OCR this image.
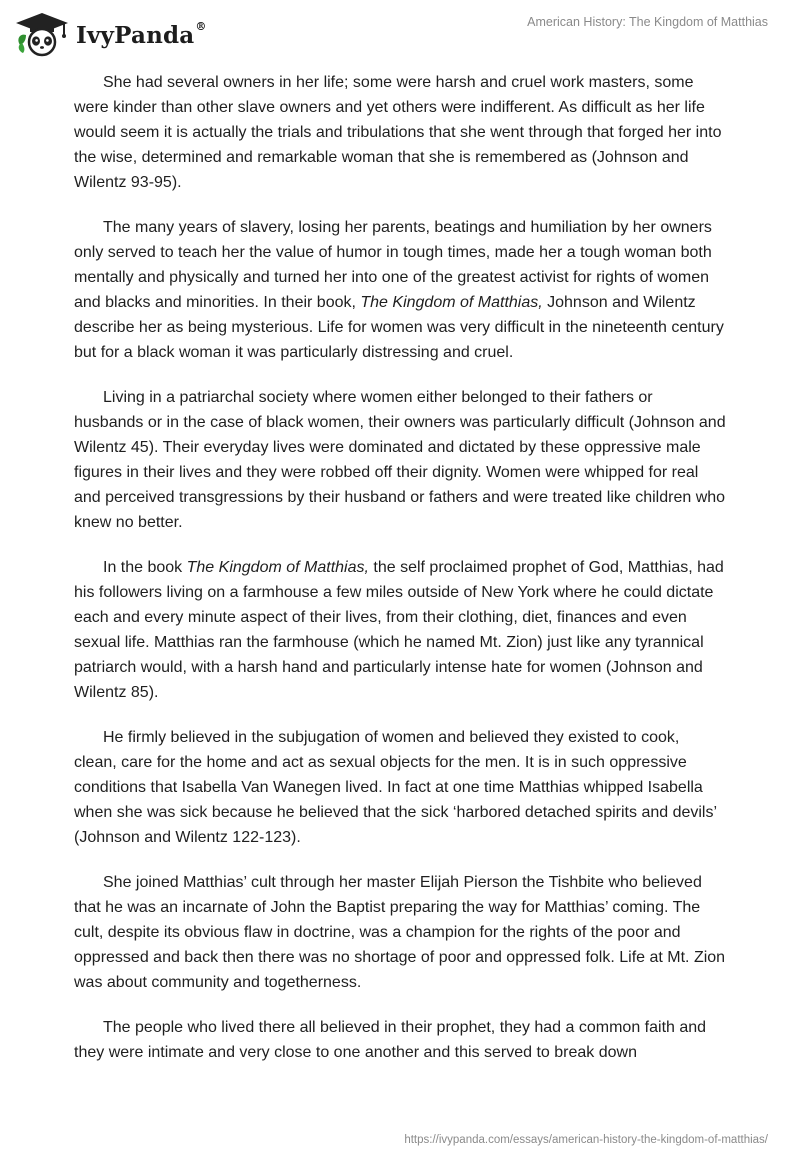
IvyPanda®	American History: The Kingdom of Matthias

She had several owners in her life; some were harsh and cruel work masters, some were kinder than other slave owners and yet others were indifferent. As difficult as her life would seem it is actually the trials and tribulations that she went through that forged her into the wise, determined and remarkable woman that she is remembered as (Johnson and Wilentz 93-95).

The many years of slavery, losing her parents, beatings and humiliation by her owners only served to teach her the value of humor in tough times, made her a tough woman both mentally and physically and turned her into one of the greatest activist for rights of women and blacks and minorities. In their book, The Kingdom of Matthias, Johnson and Wilentz describe her as being mysterious. Life for women was very difficult in the nineteenth century but for a black woman it was particularly distressing and cruel.

Living in a patriarchal society where women either belonged to their fathers or husbands or in the case of black women, their owners was particularly difficult (Johnson and Wilentz 45). Their everyday lives were dominated and dictated by these oppressive male figures in their lives and they were robbed off their dignity. Women were whipped for real and perceived transgressions by their husband or fathers and were treated like children who knew no better.

In the book The Kingdom of Matthias, the self proclaimed prophet of God, Matthias, had his followers living on a farmhouse a few miles outside of New York where he could dictate each and every minute aspect of their lives, from their clothing, diet, finances and even sexual life. Matthias ran the farmhouse (which he named Mt. Zion) just like any tyrannical patriarch would, with a harsh hand and particularly intense hate for women (Johnson and Wilentz 85).

He firmly believed in the subjugation of women and believed they existed to cook, clean, care for the home and act as sexual objects for the men. It is in such oppressive conditions that Isabella Van Wanegen lived. In fact at one time Matthias whipped Isabella when she was sick because he believed that the sick ‘harbored detached spirits and devils’ (Johnson and Wilentz 122-123).

She joined Matthias’ cult through her master Elijah Pierson the Tishbite who believed that he was an incarnate of John the Baptist preparing the way for Matthias’ coming. The cult, despite its obvious flaw in doctrine, was a champion for the rights of the poor and oppressed and back then there was no shortage of poor and oppressed folk. Life at Mt. Zion was about community and togetherness.

The people who lived there all believed in their prophet, they had a common faith and they were intimate and very close to one another and this served to break down

https://ivypanda.com/essays/american-history-the-kingdom-of-matthias/
